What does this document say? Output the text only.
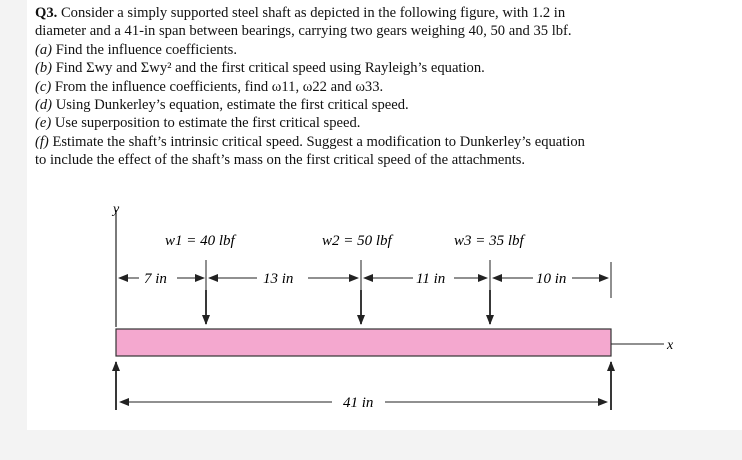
Q3. Consider a simply supported steel shaft as depicted in the following figure, with 1.2 in

diameter and a 41-in span between bearings, carrying two gears weighing 40, 50 and 35 lbf.

(a) Find the influence coefficients.

(b) Find Σwy and Σwy² and the first critical speed using Rayleigh’s equation.

(c) From the influence coefficients, find ω11, ω22 and ω33.

(d) Using Dunkerley’s equation, estimate the first critical speed.

(e) Use superposition to estimate the first critical speed.

(f) Estimate the shaft’s intrinsic critical speed. Suggest a modification to Dunkerley’s equation

to include the effect of the shaft’s mass on the first critical speed of the attachments.

y
w1 = 40 lbf	w2 = 50 lbf	w3 = 35 lbf
7 in	13 in	11 in	10 in
x
41 in
